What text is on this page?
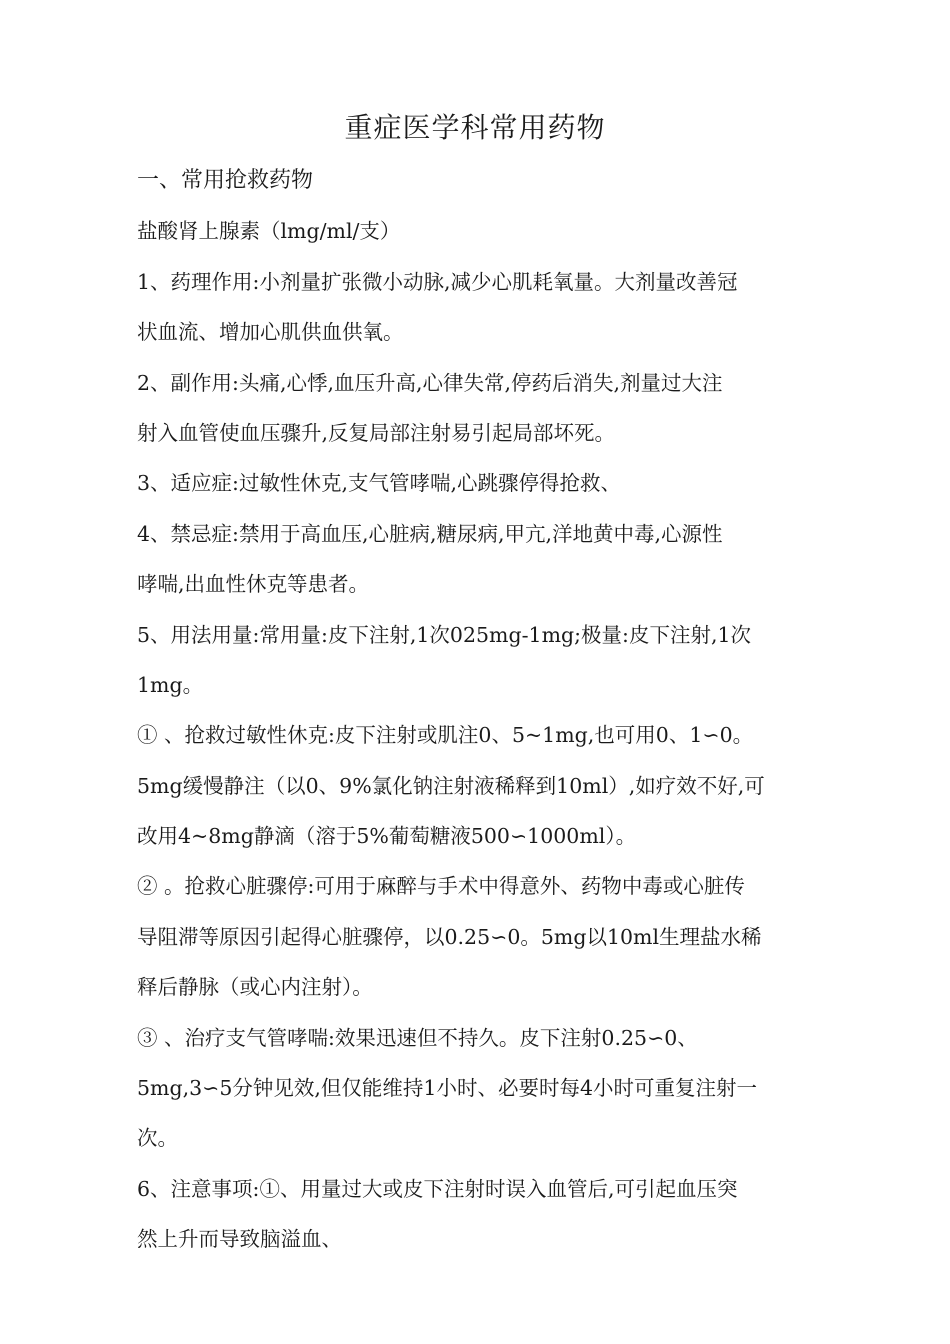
重症医学科常用药物
一、常用抢救药物
盐酸肾上腺素（lmg/ml/支）
1、药理作用:小剂量扩张微小动脉,减少心肌耗氧量。大剂量改善冠
状血流、增加心肌供血供氧。
2、副作用:头痛,心悸,血压升高,心律失常,停药后消失,剂量过大注
射入血管使血压骤升,反复局部注射易引起局部坏死。
3、适应症:过敏性休克,支气管哮喘,心跳骤停得抢救、
4、禁忌症:禁用于高血压,心脏病,糖尿病,甲亢,洋地黄中毒,心源性
哮喘,出血性休克等患者。
5、用法用量:常用量:皮下注射,1次025mg-1mg;极量:皮下注射,1次
1mg。
① 、抢救过敏性休克:皮下注射或肌注0、5~1mg,也可用0、1∽0。
5mg缓慢静注（以0、9%氯化钠注射液稀释到10ml）,如疗效不好,可
改用4~8mg静滴（溶于5%葡萄糖液500∽1000ml）。
② 。抢救心脏骤停:可用于麻醉与手术中得意外、药物中毒或心脏传
导阻滞等原因引起得心脏骤停，以0.25∽0。5mg以10ml生理盐水稀
释后静脉（或心内注射）。
③ 、治疗支气管哮喘:效果迅速但不持久。皮下注射0.25∽0、
5mg,3∽5分钟见效,但仅能维持1小时、必要时每4小时可重复注射一
次。
6、注意事项:①、用量过大或皮下注射时误入血管后,可引起血压突
然上升而导致脑溢血、
